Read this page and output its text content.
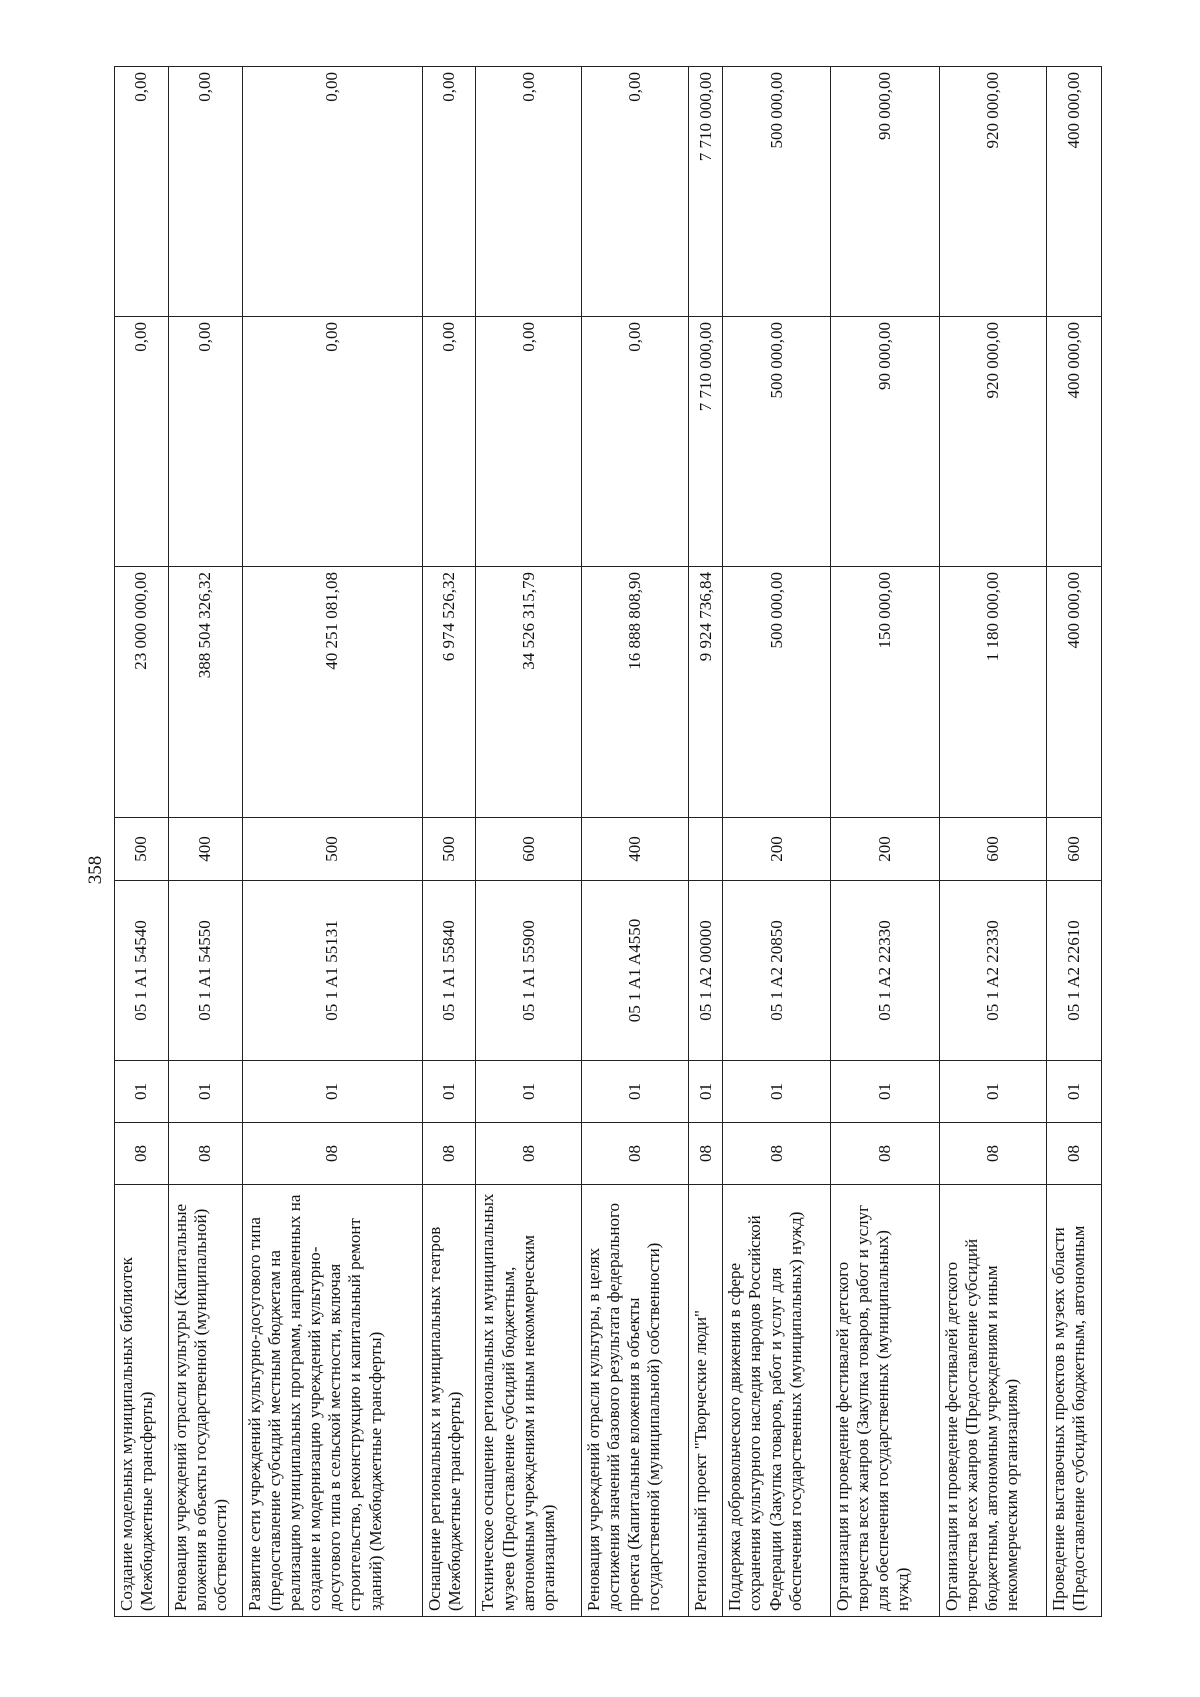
358
Создание модельных муниципальных библиотек (Межбюджетные трансферты)	08	01	05 1 A1 54540	500	23 000 000,00	0,00	0,00
Реновация учреждений отрасли культуры (Капитальные вложения в объекты государственной (муниципальной) собственности)	08	01	05 1 A1 54550	400	388 504 326,32	0,00	0,00
Развитие сети учреждений культурно-досугового типа (предоставление субсидий местным бюджетам на реализацию муниципальных программ, направленных на создание и модернизацию учреждений культурно-досугового типа в сельской местности, включая строительство, реконструкцию и капитальный ремонт зданий) (Межбюджетные трансферты)	08	01	05 1 A1 55131	500	40 251 081,08	0,00	0,00
Оснащение региональных и муниципальных театров (Межбюджетные трансферты)	08	01	05 1 A1 55840	500	6 974 526,32	0,00	0,00
Техническое оснащение региональных и муниципальных музеев (Предоставление субсидий бюджетным, автономным учреждениям и иным некоммерческим организациям)	08	01	05 1 A1 55900	600	34 526 315,79	0,00	0,00
Реновация учреждений отрасли культуры, в целях достижения значений базового результата федерального проекта (Капитальные вложения в объекты государственной (муниципальной) собственности)	08	01	05 1 A1 A4550	400	16 888 808,90	0,00	0,00
Региональный проект "Творческие люди"	08	01	05 1 A2 00000		9 924 736,84	7 710 000,00	7 710 000,00
Поддержка добровольческого движения в сфере сохранения культурного наследия народов Российской Федерации (Закупка товаров, работ и услуг для обеспечения государственных (муниципальных) нужд)	08	01	05 1 A2 20850	200	500 000,00	500 000,00	500 000,00
Организация и проведение фестивалей детского творчества всех жанров (Закупка товаров, работ и услуг для обеспечения государственных (муниципальных) нужд)	08	01	05 1 A2 22330	200	150 000,00	90 000,00	90 000,00
Организация и проведение фестивалей детского творчества всех жанров (Предоставление субсидий бюджетным, автономным учреждениям и иным некоммерческим организациям)	08	01	05 1 A2 22330	600	1 180 000,00	920 000,00	920 000,00
Проведение выставочных проектов в музеях области (Предоставление субсидий бюджетным, автономным	08	01	05 1 A2 22610	600	400 000,00	400 000,00	400 000,00
